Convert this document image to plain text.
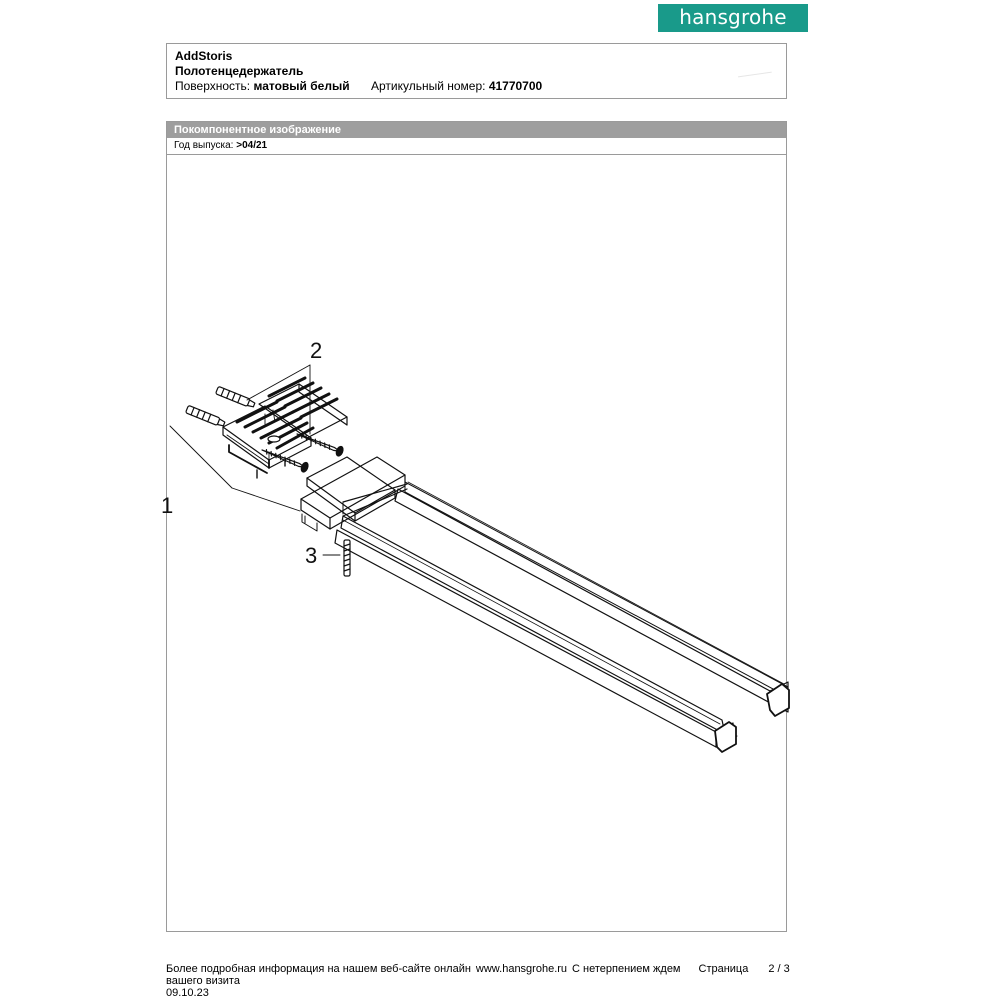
hansgrohe
AddStoris
Полотенцедержатель
Поверхность: матовый белый Артикульный номер: 41770700
Покомпонентное изображение
Год выпуска: >04/21
2
1
3
Более подробная информация на нашем веб-сайте онлайн www.hansgrohe.ru С нетерпением ждем Страница 2 / 3
вашего визита
09.10.23
